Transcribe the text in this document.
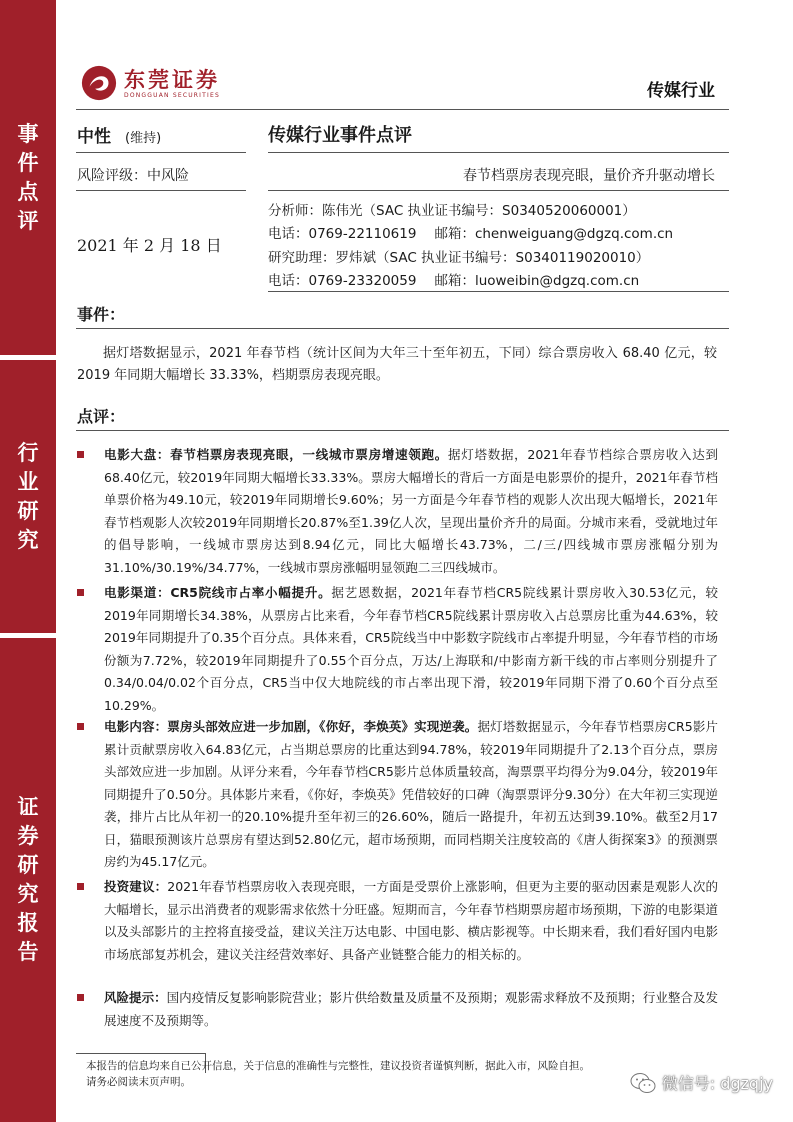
事件点评
行业研究
证券研究报告
东莞证券
DONGGUAN SECURITIES	传媒行业
中性 (维持)	传媒行业事件点评
风险评级：中风险	春节档票房表现亮眼，量价齐升驱动增长
2021 年 2 月 18 日
分析师：陈伟光（SAC 执业证书编号：S0340520060001）
电话：0769-22110619 邮箱：chenweiguang@dgzq.com.cn
研究助理：罗炜斌（SAC 执业证书编号：S0340119020010）
电话：0769-23320059 邮箱：luoweibin@dgzq.com.cn
事件：
据灯塔数据显示，2021 年春节档（统计区间为大年三十至年初五，下同）综合票房收入 68.40 亿元，较 2019 年同期大幅增长 33.33%，档期票房表现亮眼。
点评：
电影大盘：春节档票房表现亮眼，一线城市票房增速领跑。据灯塔数据，2021年春节档综合票房收入达到68.40亿元，较2019年同期大幅增长33.33%。票房大幅增长的背后一方面是电影票价的提升，2021年春节档单票价格为49.10元，较2019年同期增长9.60%；另一方面是今年春节档的观影人次出现大幅增长，2021年春节档观影人次较2019年同期增长20.87%至1.39亿人次，呈现出量价齐升的局面。分城市来看，受就地过年的倡导影响，一线城市票房达到8.94亿元，同比大幅增长43.73%，二/三/四线城市票房涨幅分别为31.10%/30.19%/34.77%，一线城市票房涨幅明显领跑二三四线城市。
电影渠道：CR5院线市占率小幅提升。据艺恩数据，2021年春节档CR5院线累计票房收入30.53亿元，较2019年同期增长34.38%，从票房占比来看，今年春节档CR5院线累计票房收入占总票房比重为44.63%，较2019年同期提升了0.35个百分点。具体来看，CR5院线当中中影数字院线市占率提升明显，今年春节档的市场份额为7.72%，较2019年同期提升了0.55个百分点，万达/上海联和/中影南方新干线的市占率则分别提升了0.34/0.04/0.02个百分点，CR5当中仅大地院线的市占率出现下滑，较2019年同期下滑了0.60个百分点至10.29%。
电影内容：票房头部效应进一步加剧，《你好，李焕英》实现逆袭。据灯塔数据显示，今年春节档票房CR5影片累计贡献票房收入64.83亿元，占当期总票房的比重达到94.78%，较2019年同期提升了2.13个百分点，票房头部效应进一步加剧。从评分来看，今年春节档CR5影片总体质量较高，淘票票平均得分为9.04分，较2019年同期提升了0.50分。具体影片来看，《你好，李焕英》凭借较好的口碑（淘票票评分9.30分）在大年初三实现逆袭，排片占比从年初一的20.10%提升至年初三的26.60%，随后一路提升，年初五达到39.10%。截至2月17日，猫眼预测该片总票房有望达到52.80亿元，超市场预期，而同档期关注度较高的《唐人街探案3》的预测票房约为45.17亿元。
投资建议：2021年春节档票房收入表现亮眼，一方面是受票价上涨影响，但更为主要的驱动因素是观影人次的大幅增长，显示出消费者的观影需求依然十分旺盛。短期而言，今年春节档期票房超市场预期，下游的电影渠道以及头部影片的主控将直接受益，建议关注万达电影、中国电影、横店影视等。中长期来看，我们看好国内电影市场底部复苏机会，建议关注经营效率好、具备产业链整合能力的相关标的。
风险提示：国内疫情反复影响影院营业；影片供给数量及质量不及预期；观影需求释放不及预期；行业整合及发展速度不及预期等。
本报告的信息均来自已公开信息，关于信息的准确性与完整性，建议投资者谨慎判断，据此入市，风险自担。
请务必阅读末页声明。	微信号: dgzqjy
